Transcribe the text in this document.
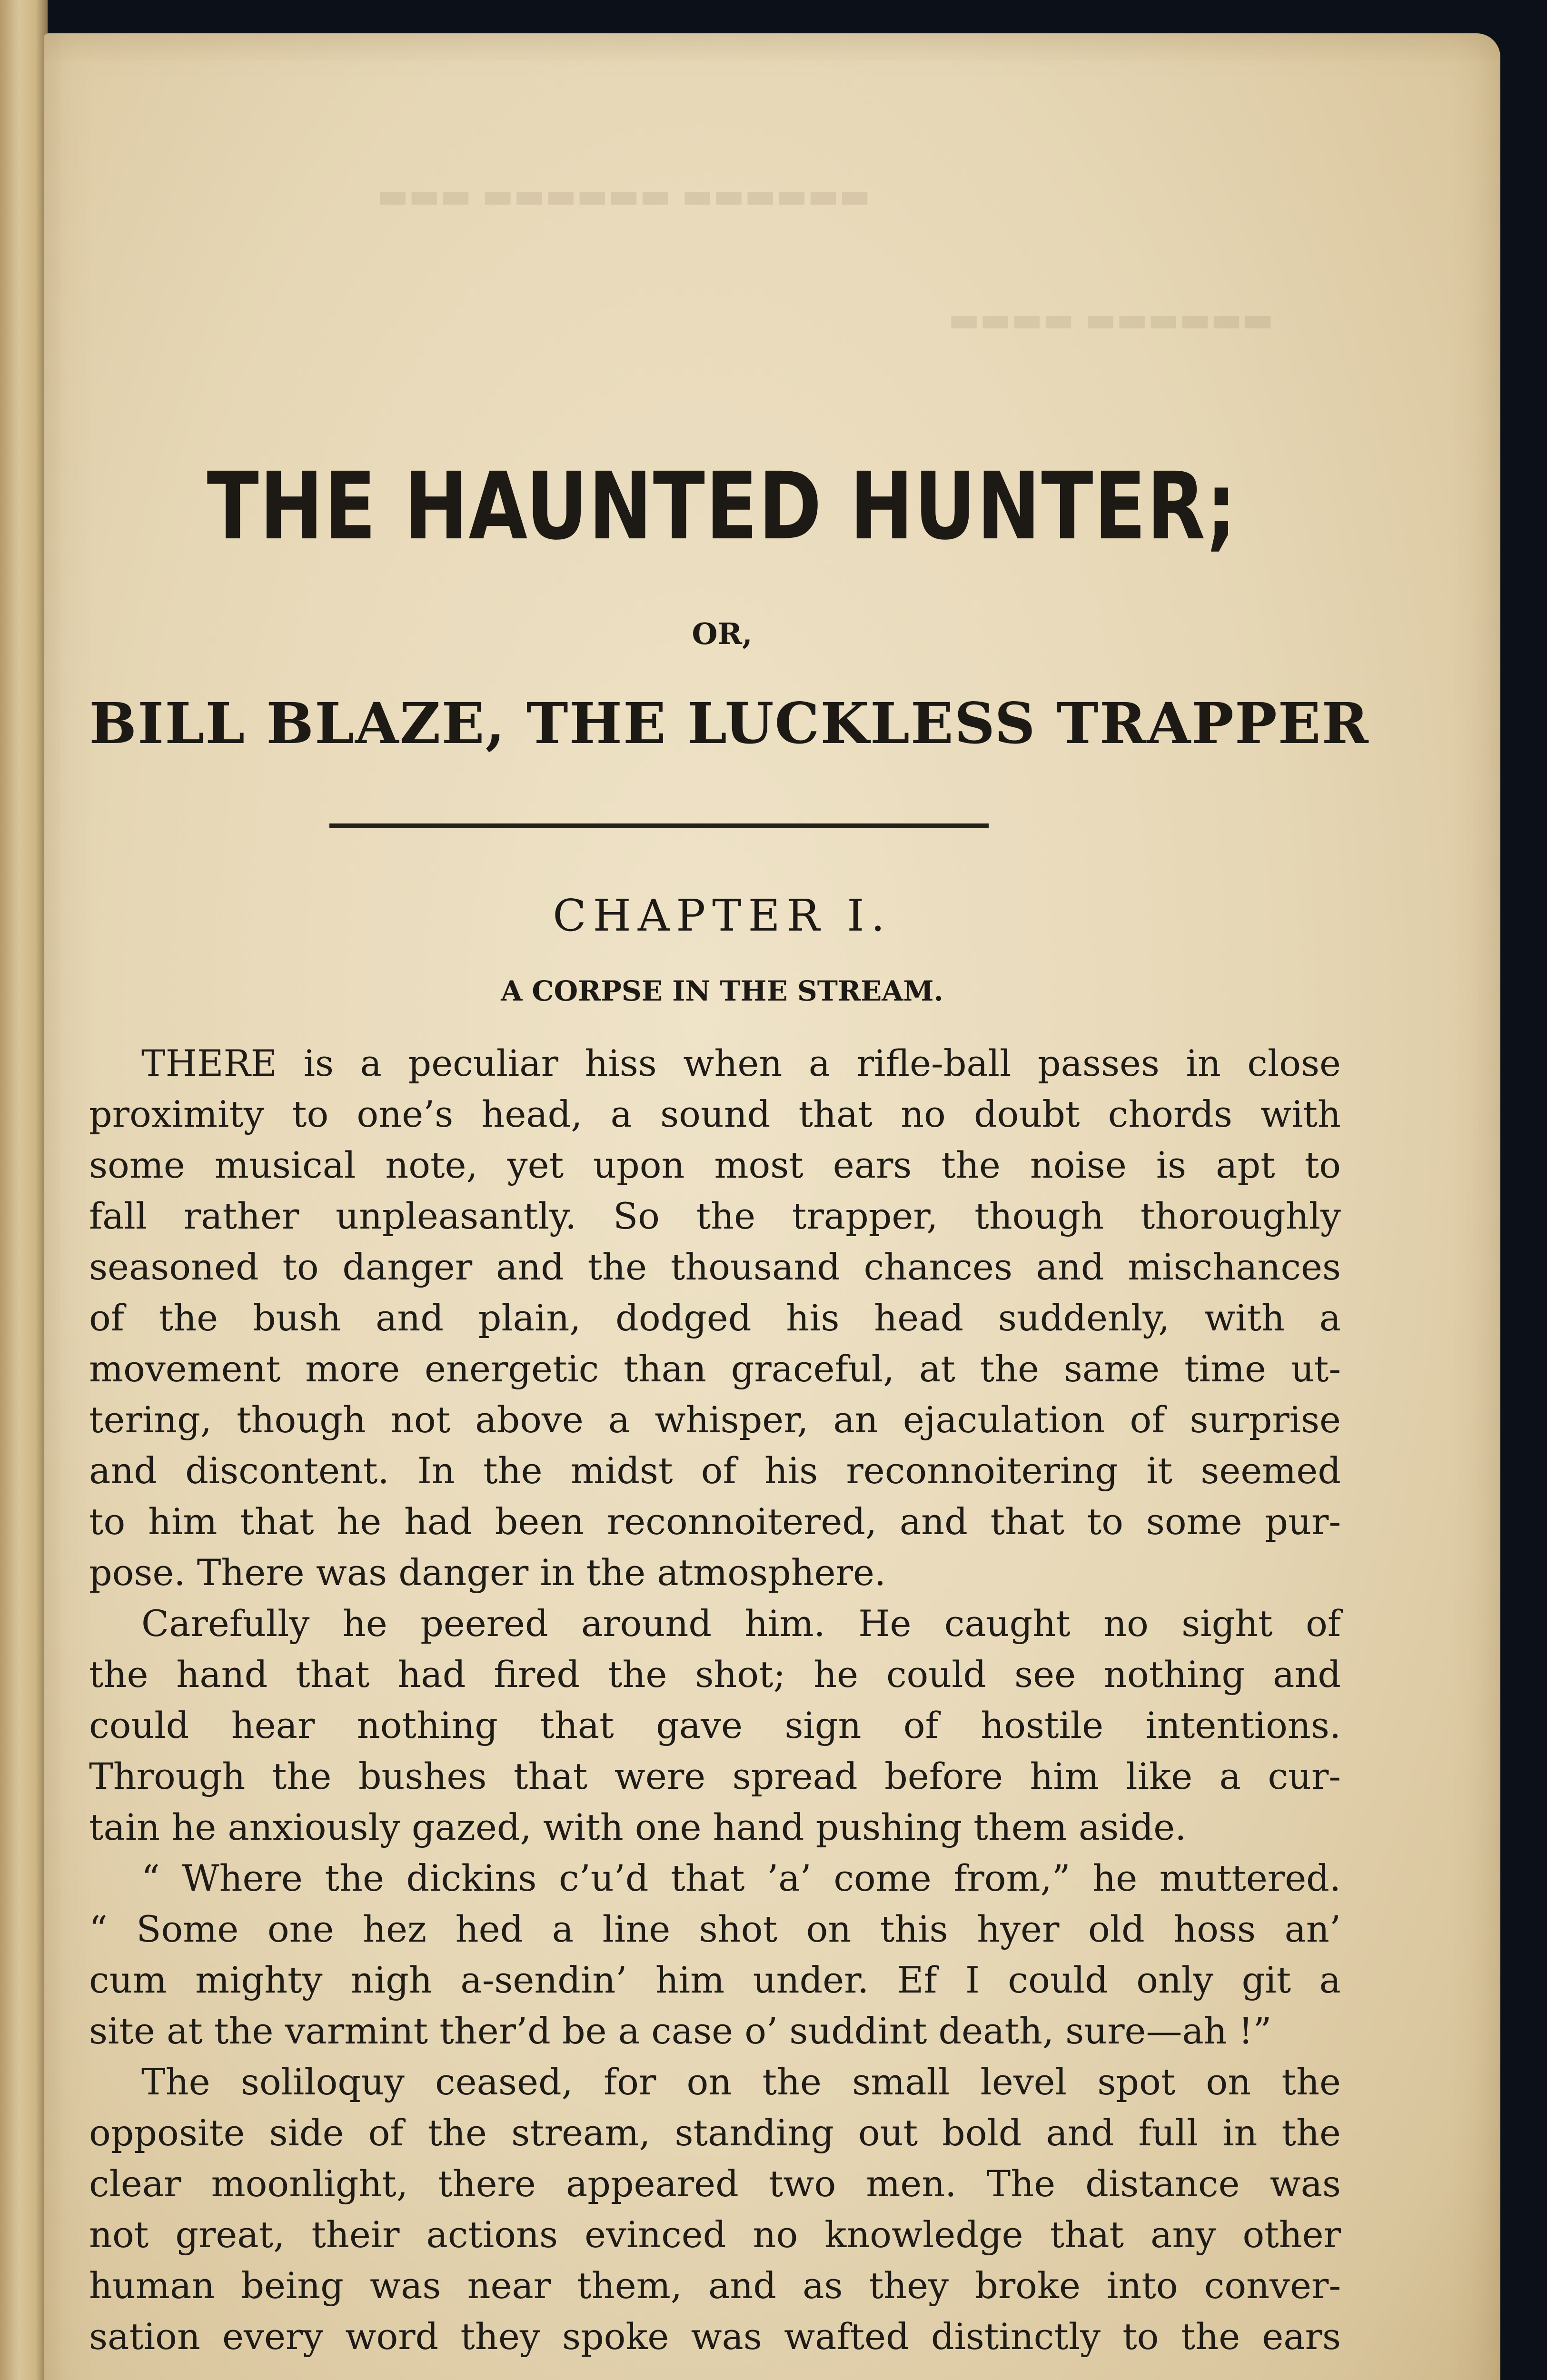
▬▬▬ ▬▬▬▬▬▬ ▬▬▬▬▬▬
▬▬▬▬ ▬▬▬▬▬▬
THE HAUNTED HUNTER;
OR,
BILL BLAZE, THE LUCKLESS TRAPPER
CHAPTER I.
A CORPSE IN THE STREAM.
THERE is a peculiar hiss when a rifle-ball passes in close
proximity to one’s head, a sound that no doubt chords with
some musical note, yet upon most ears the noise is apt to
fall rather unpleasantly. So the trapper, though thoroughly
seasoned to danger and the thousand chances and mischances
of the bush and plain, dodged his head suddenly, with a
movement more energetic than graceful, at the same time ut-
tering, though not above a whisper, an ejaculation of surprise
and discontent. In the midst of his reconnoitering it seemed
to him that he had been reconnoitered, and that to some pur-
pose. There was danger in the atmosphere.
Carefully he peered around him. He caught no sight of
the hand that had fired the shot; he could see nothing and
could hear nothing that gave sign of hostile intentions.
Through the bushes that were spread before him like a cur-
tain he anxiously gazed, with one hand pushing them aside.
“ Where the dickins c’u’d that ’a’ come from,” he muttered.
“ Some one hez hed a line shot on this hyer old hoss an’
cum mighty nigh a-sendin’ him under. Ef I could only git a
site at the varmint ther’d be a case o’ suddint death, sure—ah !”
The soliloquy ceased, for on the small level spot on the
opposite side of the stream, standing out bold and full in the
clear moonlight, there appeared two men. The distance was
not great, their actions evinced no knowledge that any other
human being was near them, and as they broke into conver-
sation every word they spoke was wafted distinctly to the ears
